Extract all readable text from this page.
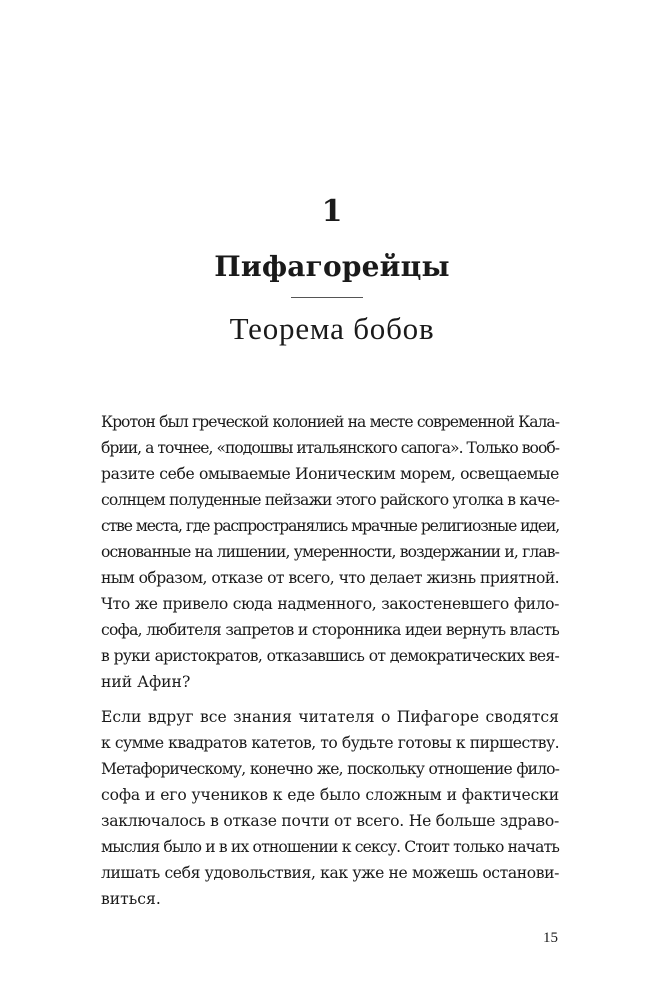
1
Пифагорейцы
Теорема бобов

Кротон был греческой колонией на месте современной Кала-
брии, а точнее, «подошвы итальянского сапога». Только вооб-
разите себе омываемые Ионическим морем, освещаемые
солнцем полуденные пейзажи этого райского уголка в каче-
стве места, где распространялись мрачные религиозные идеи,
основанные на лишении, умеренности, воздержании и, глав-
ным образом, отказе от всего, что делает жизнь приятной.
Что же привело сюда надменного, закостеневшего фило-
софа, любителя запретов и сторонника идеи вернуть власть
в руки аристократов, отказавшись от демократических вея-
ний Афин?

Если вдруг все знания читателя о Пифагоре сводятся
к сумме квадратов катетов, то будьте готовы к пиршеству.
Метафорическому, конечно же, поскольку отношение фило-
софа и его учеников к еде было сложным и фактически
заключалось в отказе почти от всего. Не больше здраво-
мыслия было и в их отношении к сексу. Стоит только начать
лишать себя удовольствия, как уже не можешь останови-
виться.

15
